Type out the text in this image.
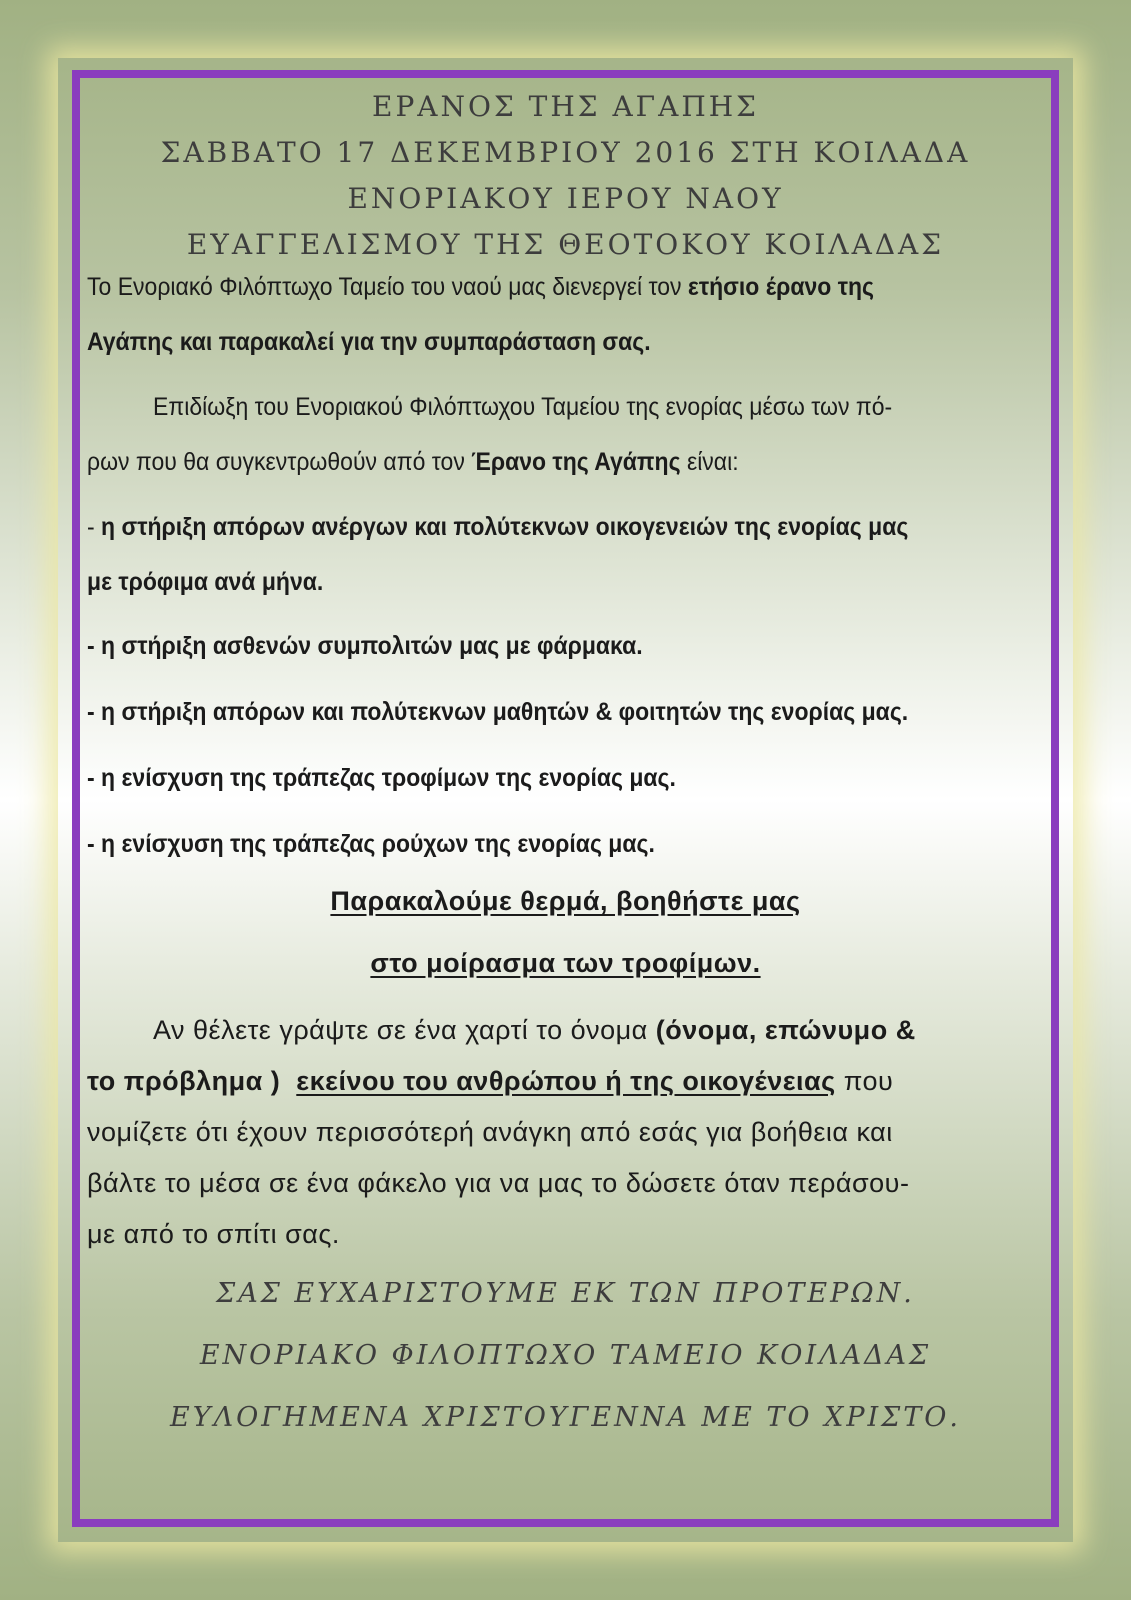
ΕΡΑΝΟΣ ΤΗΣ ΑΓΑΠΗΣ
ΣΑΒΒΑΤΟ 17 ΔΕΚΕΜΒΡΙΟΥ 2016 ΣΤΗ ΚΟΙΛΑΔΑ
ΕΝΟΡΙΑΚΟΥ ΙΕΡΟΥ ΝΑΟΥ
ΕΥΑΓΓΕΛΙΣΜΟΥ ΤΗΣ ΘΕΟΤΟΚΟΥ ΚΟΙΛΑΔΑΣ
Το Ενοριακό Φιλόπτωχο Ταμείο του ναού μας διενεργεί τον ετήσιο έρανο της
Αγάπης και παρακαλεί για την συμπαράσταση σας.
Επιδίωξη του Ενοριακού Φιλόπτωχου Ταμείου της ενορίας μέσω των πό-
ρων που θα συγκεντρωθούν από τον Έρανο της Αγάπης είναι:
- η στήριξη απόρων ανέργων και πολύτεκνων οικογενειών της ενορίας μας
με τρόφιμα ανά μήνα.
- η στήριξη ασθενών συμπολιτών μας με φάρμακα.
- η στήριξη απόρων και πολύτεκνων μαθητών & φοιτητών της ενορίας μας.
- η ενίσχυση της τράπεζας τροφίμων της ενορίας μας.
- η ενίσχυση της τράπεζας ρούχων της ενορίας μας.
Παρακαλούμε θερμά, βοηθήστε μας
στο μοίρασμα των τροφίμων.
Αν θέλετε γράψτε σε ένα χαρτί το όνομα (όνομα, επώνυμο &
το πρόβλημα ) εκείνου του ανθρώπου ή της οικογένειας που
νομίζετε ότι έχουν περισσότερή ανάγκη από εσάς για βοήθεια και
βάλτε το μέσα σε ένα φάκελο για να μας το δώσετε όταν περάσου-
με από το σπίτι σας.
ΣΑΣ ΕΥΧΑΡΙΣΤΟΥΜΕ ΕΚ ΤΩΝ ΠΡΟΤΕΡΩΝ.
ΕΝΟΡΙΑΚΟ ΦΙΛΟΠΤΩΧΟ ΤΑΜΕΙΟ ΚΟΙΛΑΔΑΣ
ΕΥΛΟΓΗΜΕΝΑ ΧΡΙΣΤΟΥΓΕΝΝΑ ΜΕ ΤΟ ΧΡΙΣΤΟ.
